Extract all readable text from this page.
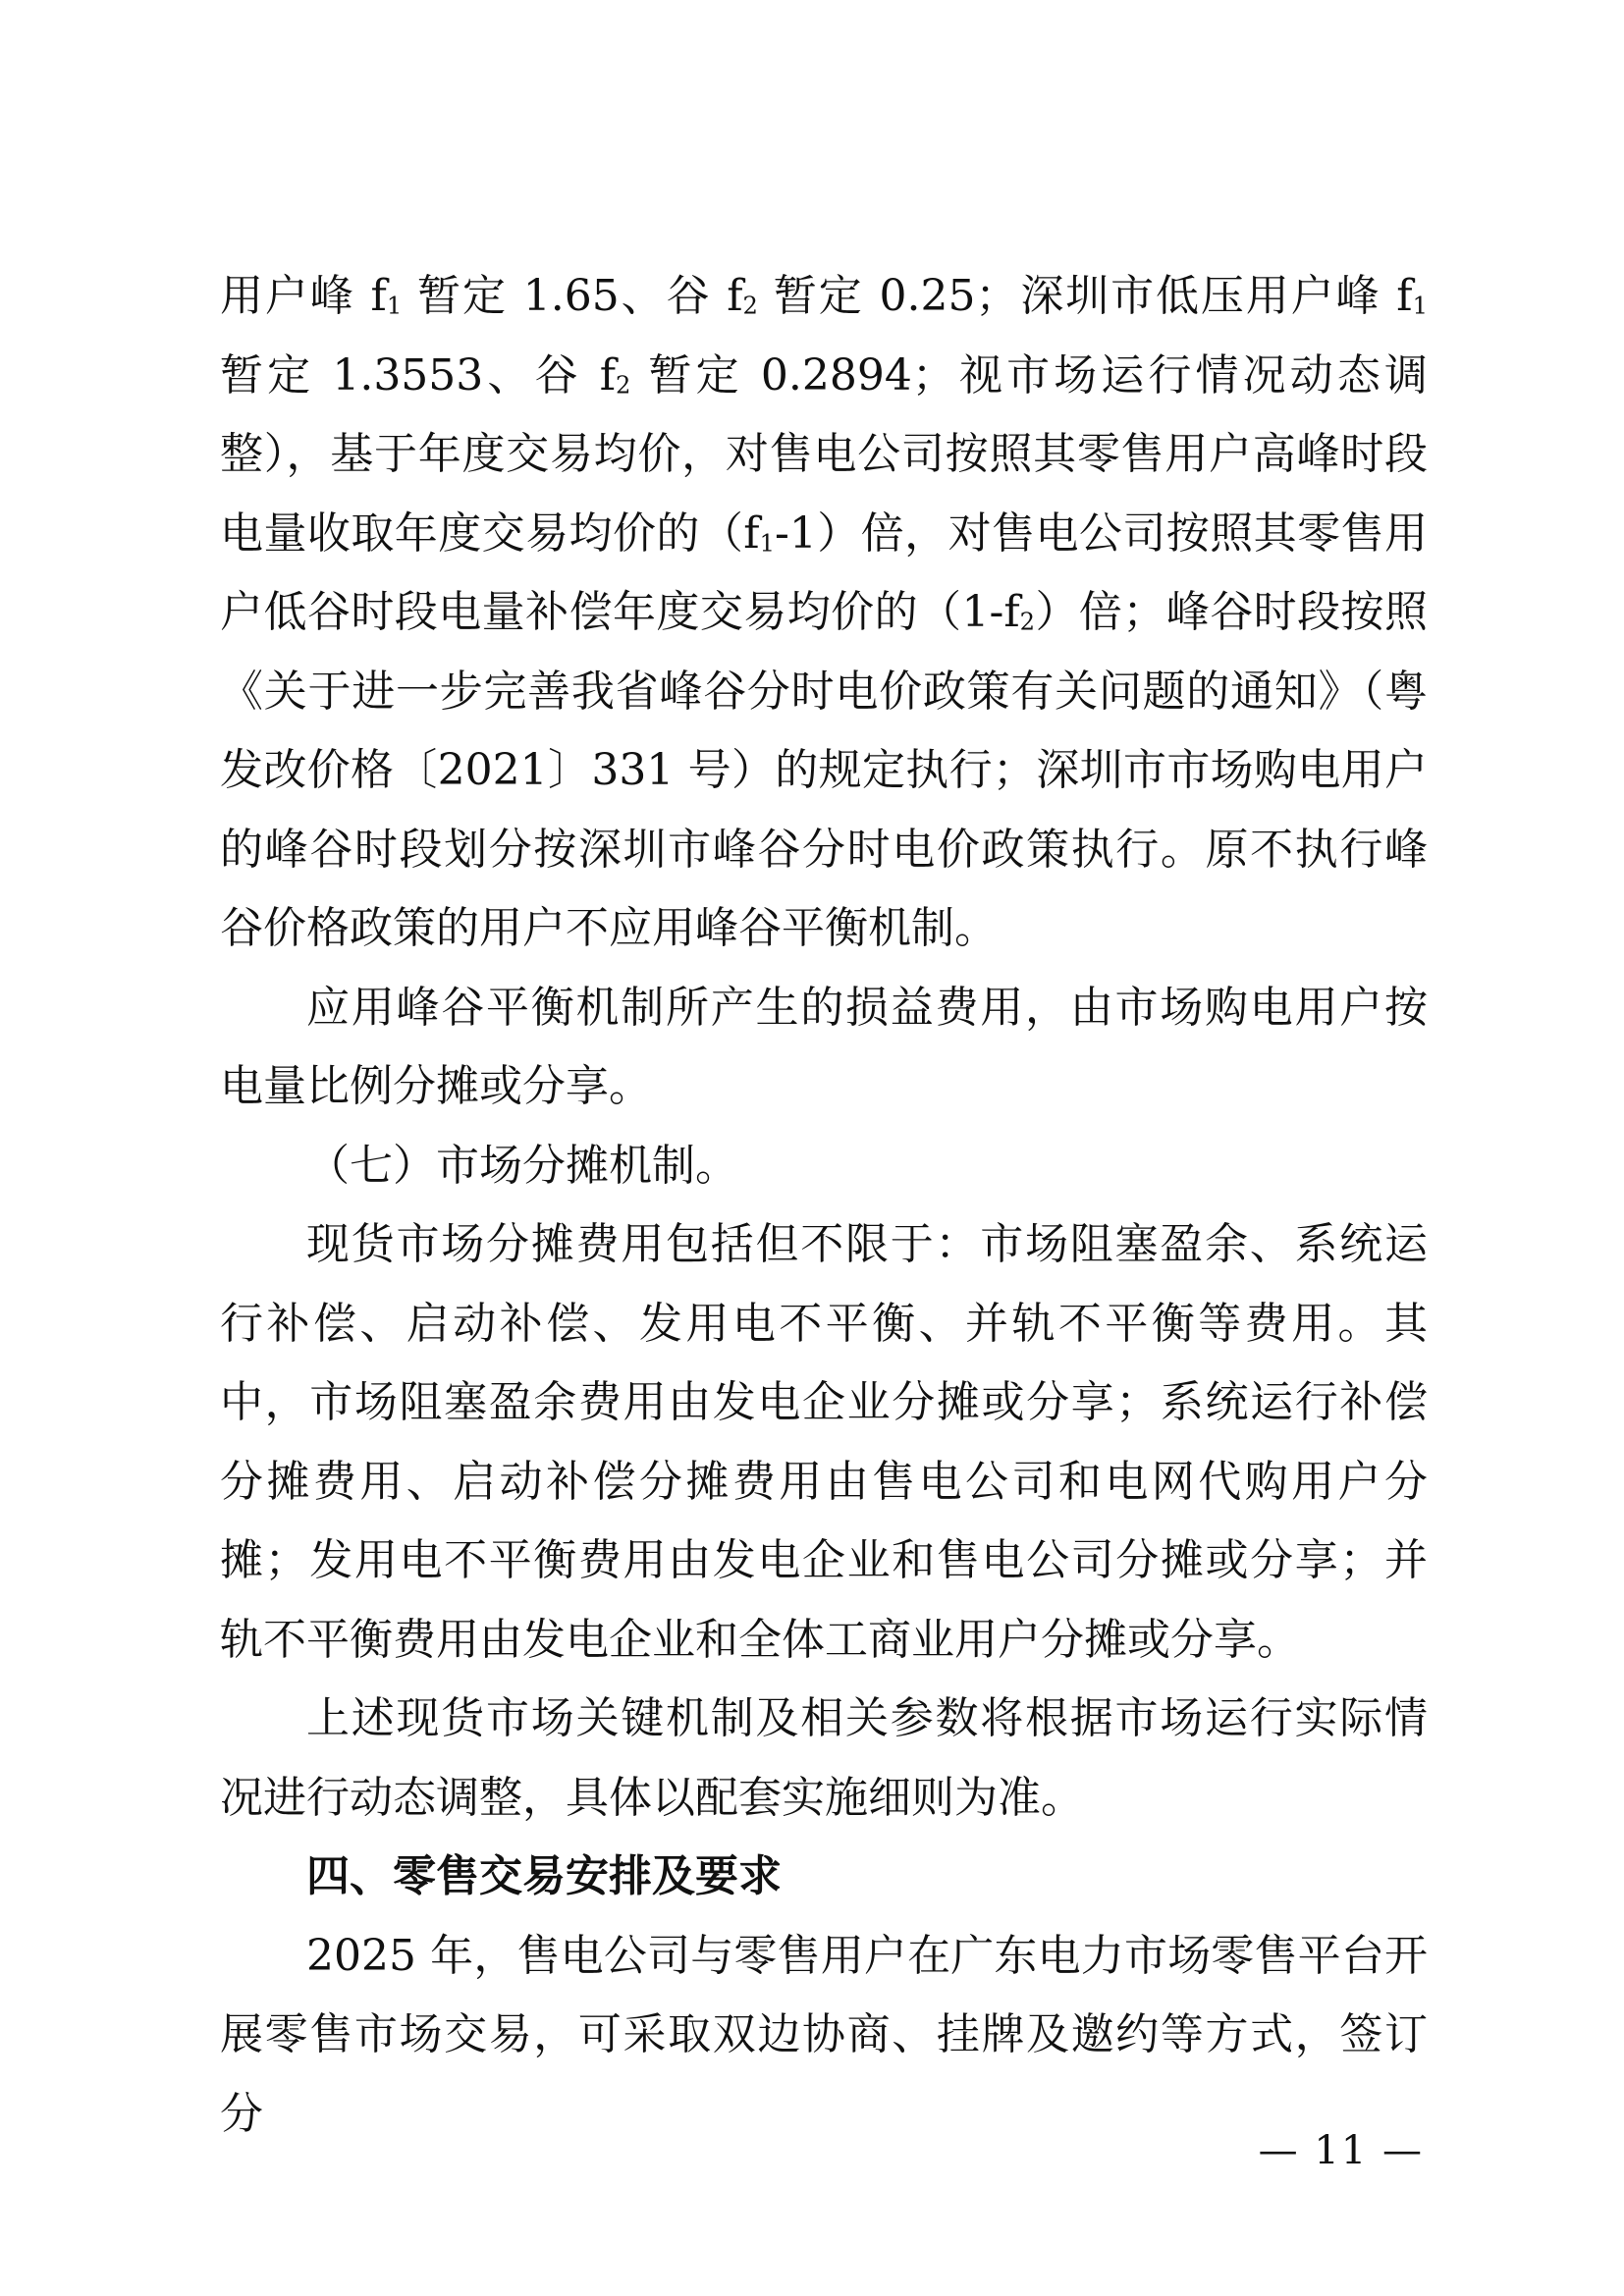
用户峰 $f_1$ 暂定 1.65、谷 $f_2$ 暂定 0.25；深圳市低压用户峰 $f_1$ 暂定 1.3553、谷 $f_2$ 暂定 0.2894；视市场运行情况动态调整），基于年度交易均价，对售电公司按照其零售用户高峰时段电量收取年度交易均价的$(f_1-1)$倍，对售电公司按照其零售用户低谷时段电量补偿年度交易均价的$(1-f_2)$倍；峰谷时段按照《关于进一步完善我省峰谷分时电价政策有关问题的通知》（粤发改价格〔2021〕331 号）的规定执行；深圳市市场购电用户的峰谷时段划分按深圳市峰谷分时电价政策执行。原不执行峰谷价格政策的用户不应用峰谷平衡机制。

应用峰谷平衡机制所产生的损益费用，由市场购电用户按电量比例分摊或分享。

（七）市场分摊机制。

现货市场分摊费用包括但不限于：市场阻塞盈余、系统运行补偿、启动补偿、发用电不平衡、并轨不平衡等费用。其中，市场阻塞盈余费用由发电企业分摊或分享；系统运行补偿分摊费用、启动补偿分摊费用由售电公司和电网代购用户分摊；发用电不平衡费用由发电企业和售电公司分摊或分享；并轨不平衡费用由发电企业和全体工商业用户分摊或分享。

上述现货市场关键机制及相关参数将根据市场运行实际情况进行动态调整，具体以配套实施细则为准。

四、零售交易安排及要求

2025 年，售电公司与零售用户在广东电力市场零售平台开展零售市场交易，可采取双边协商、挂牌及邀约等方式，签订分

— 11 —
